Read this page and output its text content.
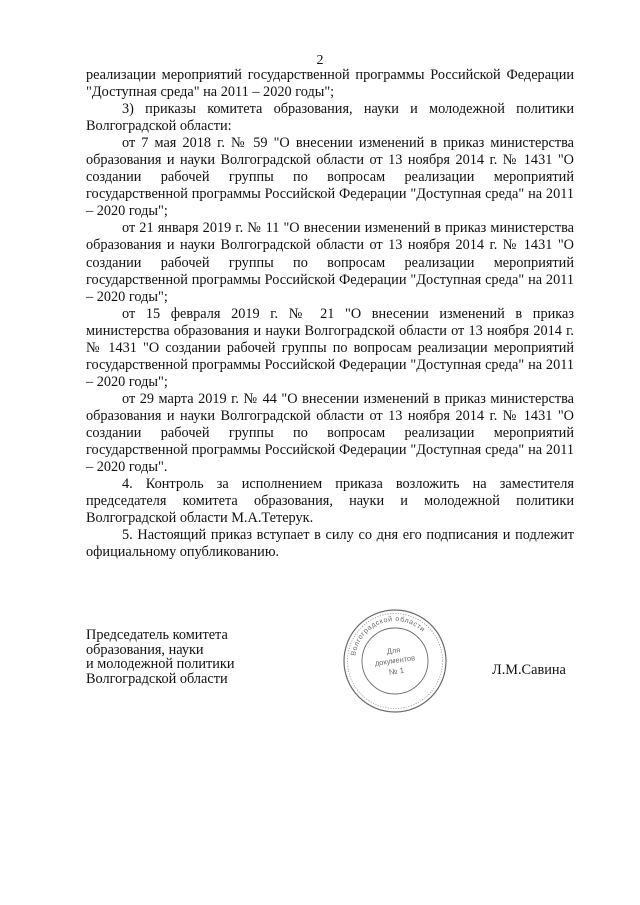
2

реализации мероприятий государственной программы Российской Федерации "Доступная среда" на 2011 – 2020 годы";

3) приказы комитета образования, науки и молодежной политики Волгоградской области:

от 7 мая 2018 г. № 59 "О внесении изменений в приказ министерства образования и науки Волгоградской области от 13 ноября 2014 г. № 1431 "О создании рабочей группы по вопросам реализации мероприятий государственной программы Российской Федерации "Доступная среда" на 2011 – 2020 годы";

от 21 января 2019 г. № 11 "О внесении изменений в приказ министерства образования и науки Волгоградской области от 13 ноября 2014 г. № 1431 "О создании рабочей группы по вопросам реализации мероприятий государственной программы Российской Федерации "Доступная среда" на 2011 – 2020 годы";

от 15 февраля 2019 г. № 21 "О внесении изменений в приказ министерства образования и науки Волгоградской области от 13 ноября 2014 г. № 1431 "О создании рабочей группы по вопросам реализации мероприятий государственной программы Российской Федерации "Доступная среда" на 2011 – 2020 годы";

от 29 марта 2019 г. № 44 "О внесении изменений в приказ министерства образования и науки Волгоградской области от 13 ноября 2014 г. № 1431 "О создании рабочей группы по вопросам реализации мероприятий государственной программы Российской Федерации "Доступная среда" на 2011 – 2020 годы".

4. Контроль за исполнением приказа возложить на заместителя председателя комитета образования, науки и молодежной политики Волгоградской области М.А.Тетерук.

5. Настоящий приказ вступает в силу со дня его подписания и подлежит официальному опубликованию.

Председатель комитета
образования, науки
и молодежной политики
Волгоградской области
Волгоградской области
Для
документов
№ 1	Л.М.Савина
